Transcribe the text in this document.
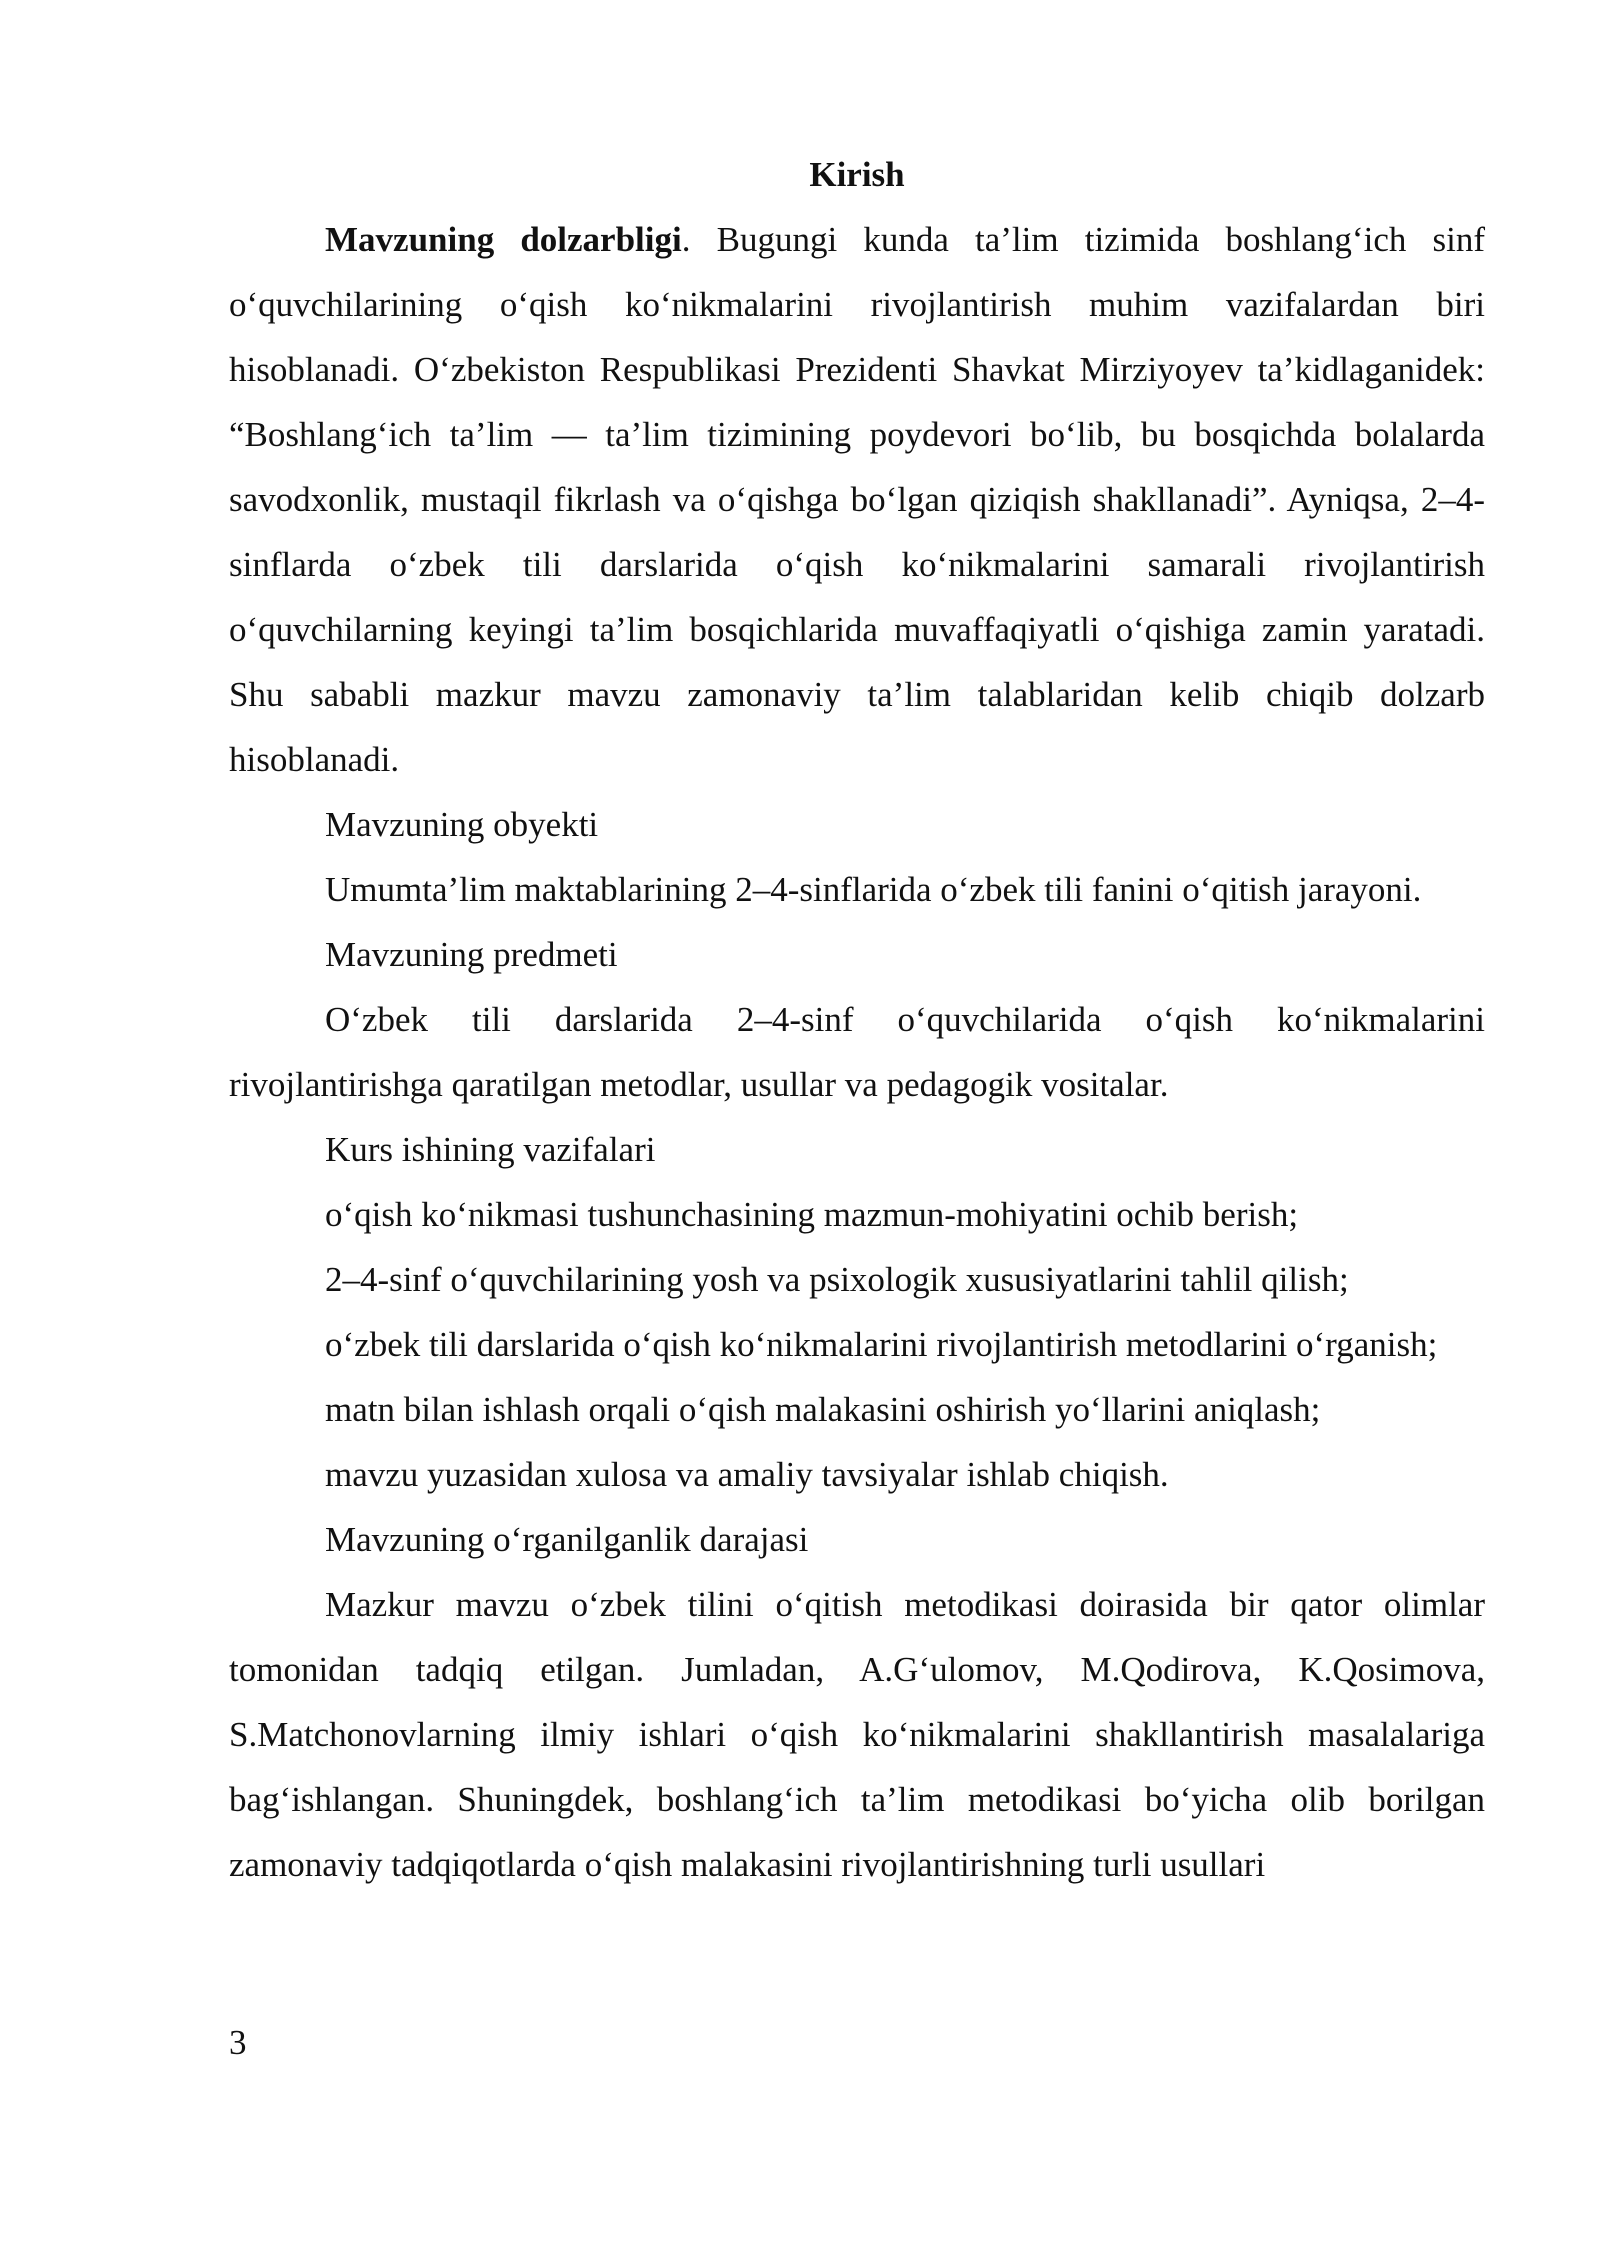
Kirish

Mavzuning dolzarbligi. Bugungi kunda ta’lim tizimida boshlang‘ich sinf o‘quvchilarining o‘qish ko‘nikmalarini rivojlantirish muhim vazifalardan biri hisoblanadi. O‘zbekiston Respublikasi Prezidenti Shavkat Mirziyoyev ta’kidlaganidek: “Boshlang‘ich ta’lim — ta’lim tizimining poydevori bo‘lib, bu bosqichda bolalarda savodxonlik, mustaqil fikrlash va o‘qishga bo‘lgan qiziqish shakllanadi”. Ayniqsa, 2–4-sinflarda o‘zbek tili darslarida o‘qish ko‘nikmalarini samarali rivojlantirish o‘quvchilarning keyingi ta’lim bosqichlarida muvaffaqiyatli o‘qishiga zamin yaratadi. Shu sababli mazkur mavzu zamonaviy ta’lim talablaridan kelib chiqib dolzarb hisoblanadi.

Mavzuning obyekti

Umumta’lim maktablarining 2–4-sinflarida o‘zbek tili fanini o‘qitish jarayoni.

Mavzuning predmeti

O‘zbek tili darslarida 2–4-sinf o‘quvchilarida o‘qish ko‘nikmalarini rivojlantirishga qaratilgan metodlar, usullar va pedagogik vositalar.

Kurs ishining vazifalari

o‘qish ko‘nikmasi tushunchasining mazmun-mohiyatini ochib berish;

2–4-sinf o‘quvchilarining yosh va psixologik xususiyatlarini tahlil qilish;

o‘zbek tili darslarida o‘qish ko‘nikmalarini rivojlantirish metodlarini o‘rganish;

matn bilan ishlash orqali o‘qish malakasini oshirish yo‘llarini aniqlash;

mavzu yuzasidan xulosa va amaliy tavsiyalar ishlab chiqish.

Mavzuning o‘rganilganlik darajasi

Mazkur mavzu o‘zbek tilini o‘qitish metodikasi doirasida bir qator olimlar tomonidan tadqiq etilgan. Jumladan, A.G‘ulomov, M.Qodirova, K.Qosimova, S.Matchonovlarning ilmiy ishlari o‘qish ko‘nikmalarini shakllantirish masalalariga bag‘ishlangan. Shuningdek, boshlang‘ich ta’lim metodikasi bo‘yicha olib borilgan zamonaviy tadqiqotlarda o‘qish malakasini rivojlantirishning turli usullari

3
